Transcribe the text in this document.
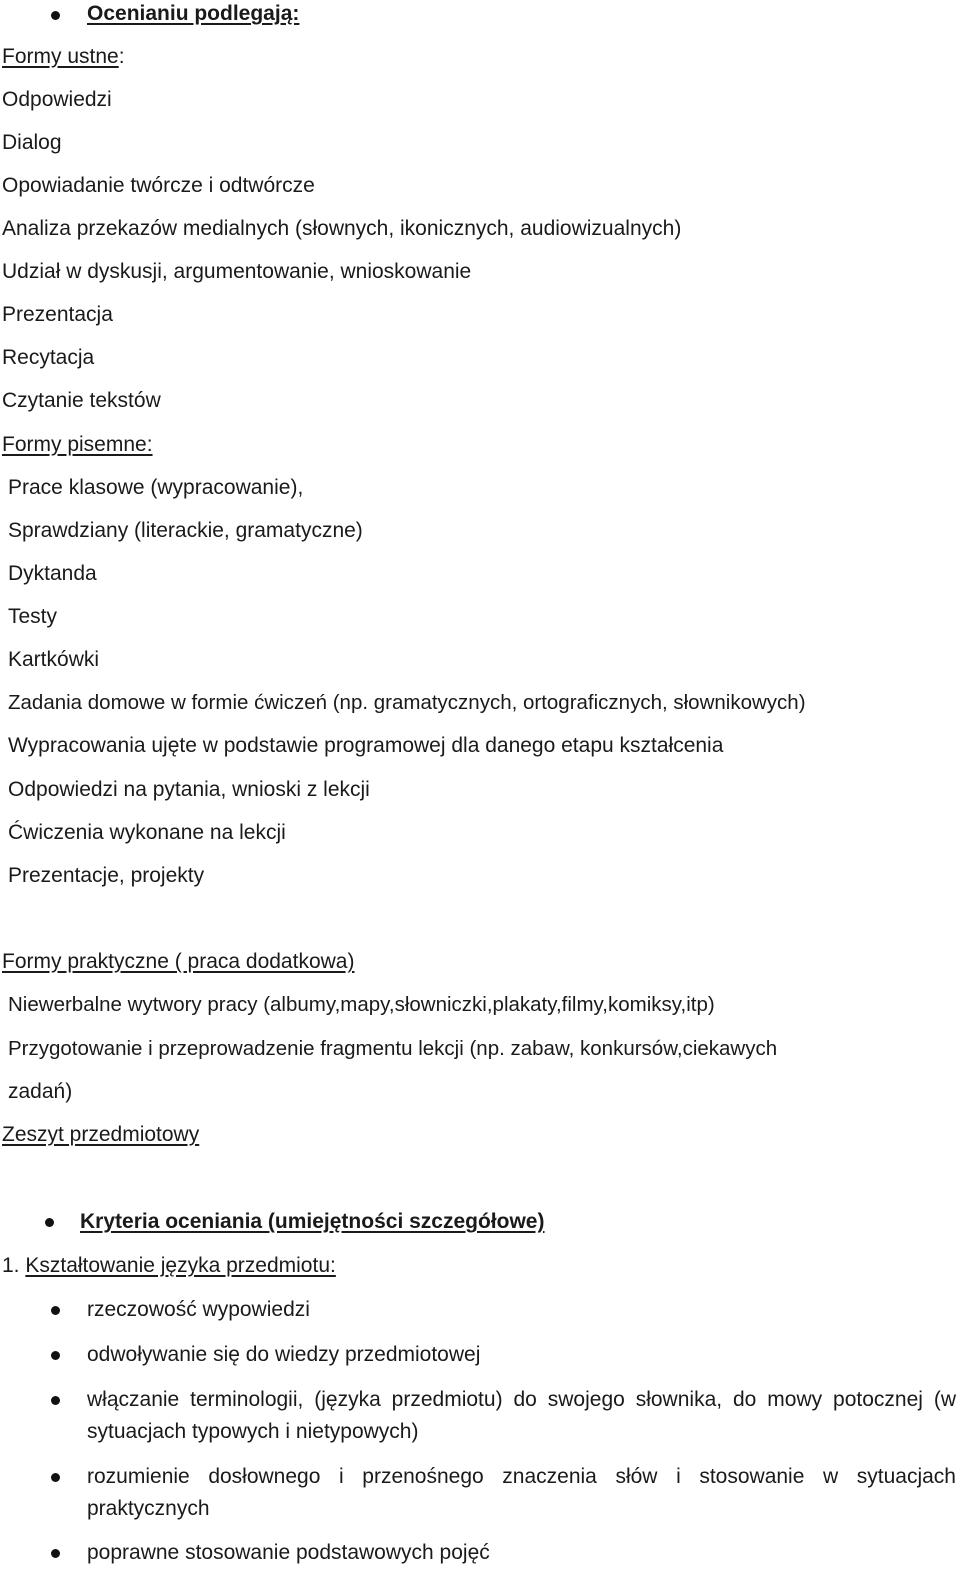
Ocenianiu podlegają:
Formy ustne:
Odpowiedzi
Dialog
Opowiadanie twórcze i odtwórcze
Analiza przekazów medialnych (słownych, ikonicznych, audiowizualnych)
Udział w dyskusji, argumentowanie, wnioskowanie
Prezentacja
Recytacja
Czytanie tekstów
Formy pisemne:
Prace klasowe (wypracowanie),
Sprawdziany (literackie, gramatyczne)
Dyktanda
Testy
Kartkówki
Zadania domowe w formie ćwiczeń (np. gramatycznych, ortograficznych, słownikowych)
Wypracowania ujęte w podstawie programowej dla danego etapu kształcenia
Odpowiedzi na pytania, wnioski z lekcji
Ćwiczenia wykonane na lekcji
Prezentacje, projekty
Formy praktyczne ( praca dodatkowa)
Niewerbalne wytwory pracy (albumy,mapy,słowniczki,plakaty,filmy,komiksy,itp)
Przygotowanie i przeprowadzenie fragmentu lekcji (np. zabaw, konkursów,ciekawych
zadań)
Zeszyt przedmiotowy
Kryteria oceniania (umiejętności szczegółowe)
1. Kształtowanie języka przedmiotu:
rzeczowość wypowiedzi
odwoływanie się do wiedzy przedmiotowej
włączanie terminologii, (języka przedmiotu) do swojego słownika, do mowy potocznej (w sytuacjach typowych i nietypowych)
rozumienie dosłownego i przenośnego znaczenia słów i stosowanie w sytuacjach praktycznych
poprawne stosowanie podstawowych pojęć
